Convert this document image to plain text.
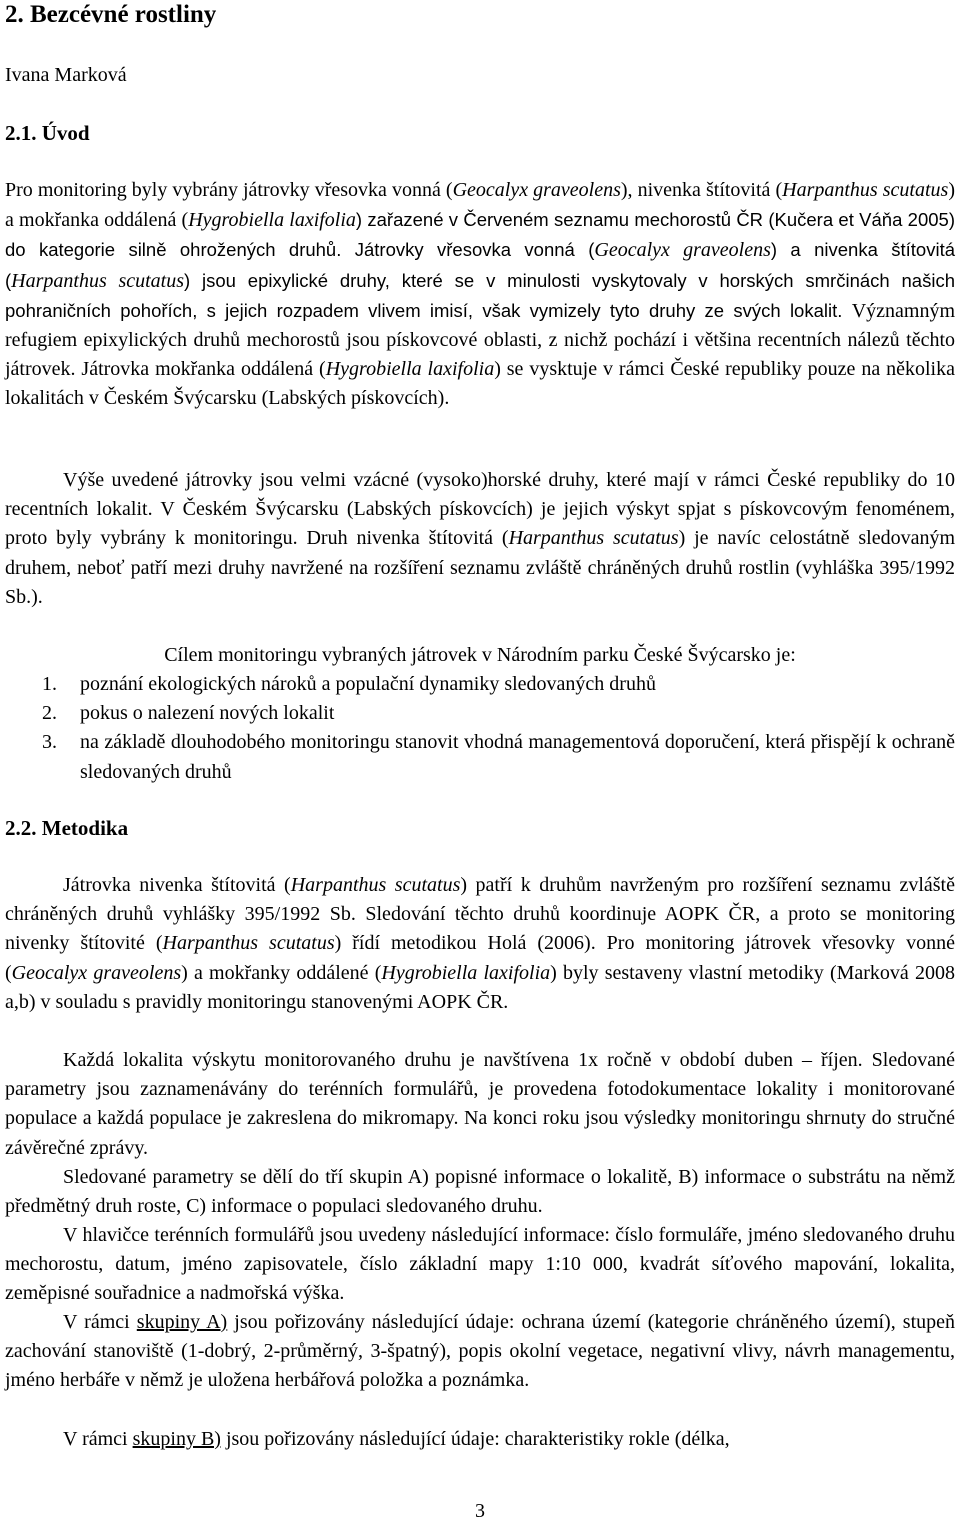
2. Bezcévné rostliny
Ivana Marková
2.1. Úvod

Pro monitoring byly vybrány játrovky vřesovka vonná (Geocalyx graveolens), nivenka štítovitá (Harpanthus scutatus) a mokřanka oddálená (Hygrobiella laxifolia) zařazené v Červeném seznamu mechorostů ČR (Kučera et Váňa 2005) do kategorie silně ohrožených druhů. Játrovky vřesovka vonná (Geocalyx graveolens) a nivenka štítovitá (Harpanthus scutatus) jsou epixylické druhy, které se v minulosti vyskytovaly v horských smrčinách našich pohraničních pohořích, s jejich rozpadem vlivem imisí, však vymizely tyto druhy ze svých lokalit. Významným refugiem epixylických druhů mechorostů jsou pískovcové oblasti, z nichž pochází i většina recentních nálezů těchto játrovek. Játrovka mokřanka oddálená (Hygrobiella laxifolia) se vysktuje v rámci České republiky pouze na několika lokalitách v Českém Švýcarsku (Labských pískovcích).

Výše uvedené játrovky jsou velmi vzácné (vysoko)horské druhy, které mají v rámci České republiky do 10 recentních lokalit. V Českém Švýcarsku (Labských pískovcích) je jejich výskyt spjat s pískovcovým fenoménem, proto byly vybrány k monitoringu. Druh nivenka štítovitá (Harpanthus scutatus) je navíc celostátně sledovaným druhem, neboť patří mezi druhy navržené na rozšíření seznamu zvláště chráněných druhů rostlin (vyhláška 395/1992 Sb.).

Cílem monitoringu vybraných játrovek v Národním parku České Švýcarsko je:
1. poznání ekologických nároků a populační dynamiky sledovaných druhů
2. pokus o nalezení nových lokalit
3. na základě dlouhodobého monitoringu stanovit vhodná managementová doporučení, která přispějí k ochraně sledovaných druhů
2.2. Metodika

Játrovka nivenka štítovitá (Harpanthus scutatus) patří k druhům navrženým pro rozšíření seznamu zvláště chráněných druhů vyhlášky 395/1992 Sb. Sledování těchto druhů koordinuje AOPK ČR, a proto se monitoring nivenky štítovité (Harpanthus scutatus) řídí metodikou Holá (2006). Pro monitoring játrovek vřesovky vonné (Geocalyx graveolens) a mokřanky oddálené (Hygrobiella laxifolia) byly sestaveny vlastní metodiky (Marková 2008 a,b) v souladu s pravidly monitoringu stanovenými AOPK ČR.

Každá lokalita výskytu monitorovaného druhu je navštívena 1x ročně v období duben – říjen. Sledované parametry jsou zaznamenávány do terénních formulářů, je provedena fotodokumentace lokality i monitorované populace a každá populace je zakreslena do mikromapy. Na konci roku jsou výsledky monitoringu shrnuty do stručné závěrečné zprávy.

Sledované parametry se dělí do tří skupin A) popisné informace o lokalitě, B) informace o substrátu na němž předmětný druh roste, C) informace o populaci sledovaného druhu.

V hlavičce terénních formulářů jsou uvedeny následující informace: číslo formuláře, jméno sledovaného druhu mechorostu, datum, jméno zapisovatele, číslo základní mapy 1:10 000, kvadrát síťového mapování, lokalita, zeměpisné souřadnice a nadmořská výška.

V rámci skupiny A) jsou pořizovány následující údaje: ochrana území (kategorie chráněného území), stupeň zachování stanoviště (1-dobrý, 2-průměrný, 3-špatný), popis okolní vegetace, negativní vlivy, návrh managementu, jméno herbáře v němž je uložena herbářová položka a poznámka.

V rámci skupiny B) jsou pořizovány následující údaje: charakteristiky rokle (délka,

3
